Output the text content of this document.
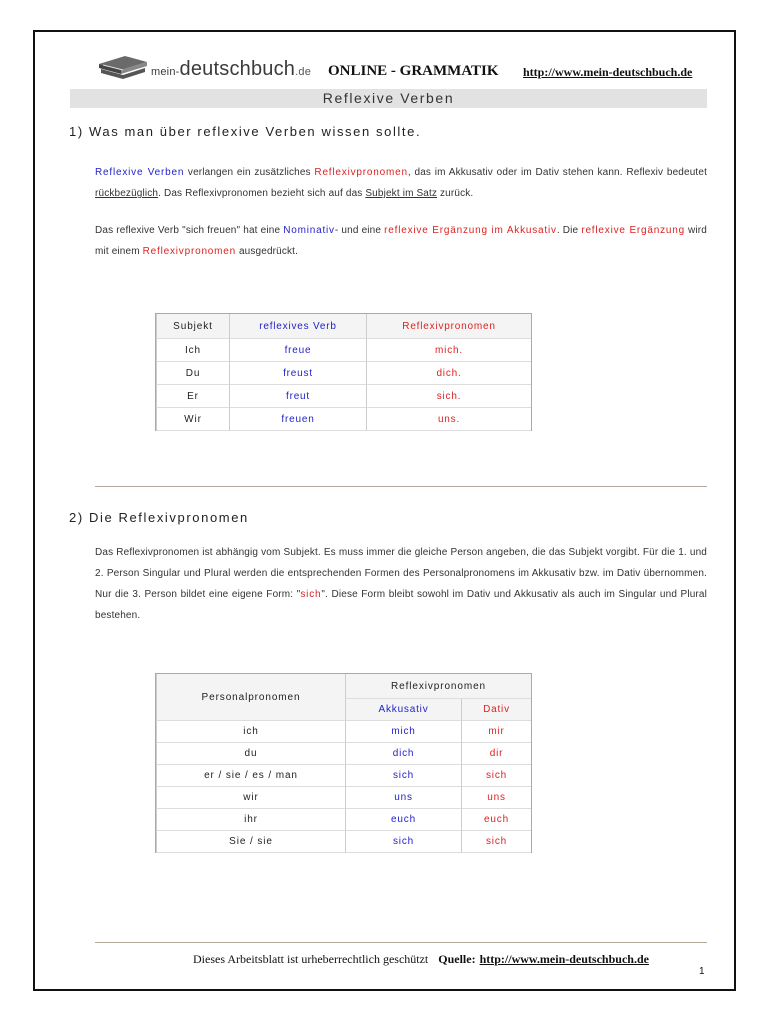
mein-deutschbuch.de ONLINE - GRAMMATIK http://www.mein-deutschbuch.de
Reflexive Verben
1) Was man über reflexive Verben wissen sollte.
Reflexive Verben verlangen ein zusätzliches Reflexivpronomen, das im Akkusativ oder im Dativ stehen kann. Reflexiv bedeutet rückbezüglich. Das Reflexivpronomen bezieht sich auf das Subjekt im Satz zurück.
Das reflexive Verb "sich freuen" hat eine Nominativ- und eine reflexive Ergänzung im Akkusativ. Die reflexive Ergänzung wird mit einem Reflexivpronomen ausgedrückt.
Subjekt	reflexives Verb	Reflexivpronomen
Ich	freue	mich.
Du	freust	dich.
Er	freut	sich.
Wir	freuen	uns.
2) Die Reflexivpronomen
Das Reflexivpronomen ist abhängig vom Subjekt. Es muss immer die gleiche Person angeben, die das Subjekt vorgibt. Für die 1. und 2. Person Singular und Plural werden die entsprechenden Formen des Personalpronomens im Akkusativ bzw. im Dativ übernommen. Nur die 3. Person bildet eine eigene Form: "sich". Diese Form bleibt sowohl im Dativ und Akkusativ als auch im Singular und Plural bestehen.
Personalpronomen	Reflexivpronomen	
	Akkusativ	Dativ
ich	mich	mir
du	dich	dir
er / sie / es / man	sich	sich
wir	uns	uns
ihr	euch	euch
Sie / sie	sich	sich
Dieses Arbeitsblatt ist urheberrechtlich geschützt Quelle: http://www.mein-deutschbuch.de
1
